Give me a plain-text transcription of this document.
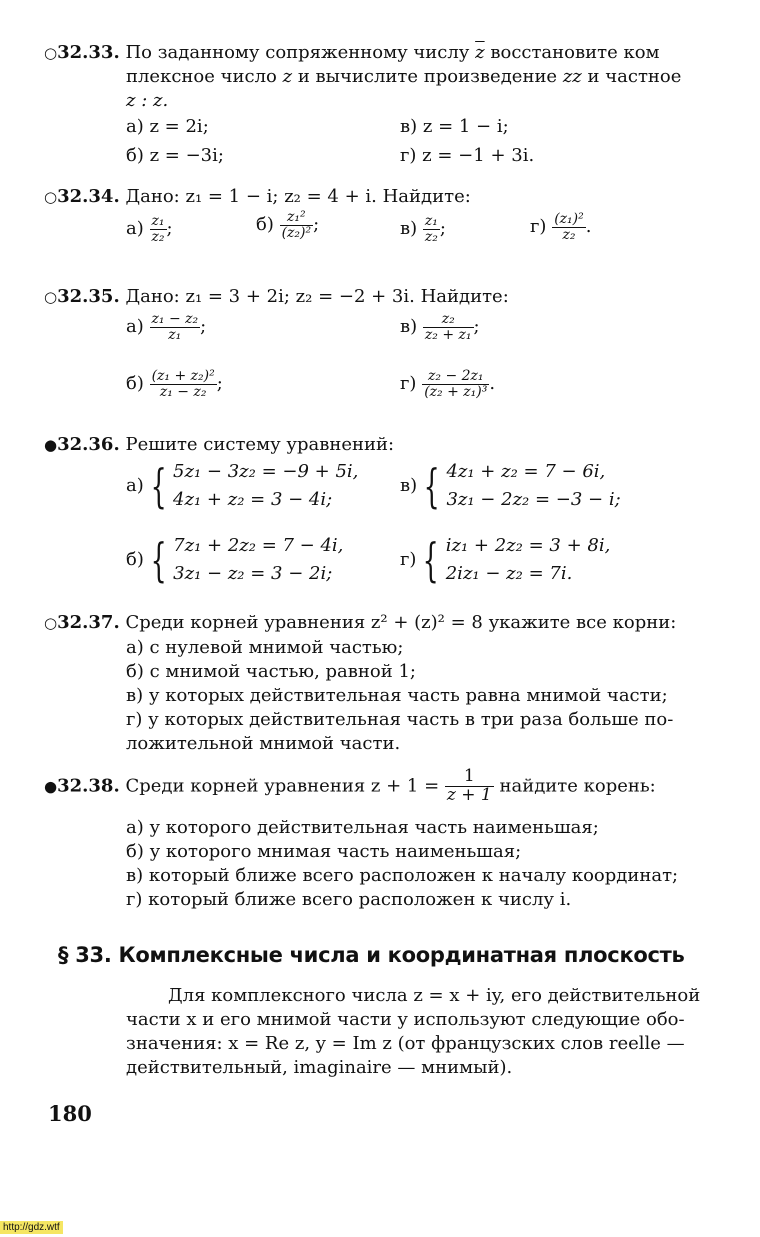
○32.33. По заданному сопряженному числу $\overline{z}$ восстановите ком
плексное число z и вычислите произведение zz и частное
z : z.
а) z = 2i;	в) z = 1 − i;
б) z = −3i;	г) z = −1 + 3i.
○32.34. Дано: z₁ = 1 − i; z₂ = 4 + i. Найдите:
$а) \frac{\text{z₁}}{\text{z₂}}$ ;	$б) \frac{\text{z₁²}}{\text{(z₂)²}}$ ;	$в) \frac{\text{z₁}}{\text{z₂}}$ ;	$г) \frac{\text{(z₁)²}}{\text{z₂}}$ .
○32.35. Дано: z₁ = 3 + 2i; z₂ = −2 + 3i. Найдите:
$а) \frac{\text{z₁ − z₂}}{\text{z₁}}$ ;	$в) \frac{\text{z₂}}{\text{z₂ + z₁}}$ ;
$б) \frac{\text{(z₁ + z₂)²}}{\text{z₁ − z₂}}$ ;	$г) \frac{\text{z₂ − 2z₁}}{\text{(z₂ + z₁)³}}$ .
●32.36. Решите систему уравнений:
а) { 5z₁ − 3z₂ = −9 + 5i,
4z₁ + z₂ = 3 − 4i;
в) { 4z₁ + z₂ = 7 − 6i,
3z₁ − 2z₂ = −3 − i;
б) { 7z₁ + 2z₂ = 7 − 4i,
3z₁ − z₂ = 3 − 2i;
г) { iz₁ + 2z₂ = 3 + 8i,
2iz₁ − z₂ = 7i.
○32.37. Среди корней уравнения z² + (z)² = 8 укажите все корни:
а) с нулевой мнимой частью;
б) с мнимой частью, равной 1;
в) у которых действительная часть равна мнимой части;
г) у которых действительная часть в три раза больше по-
ложительной мнимой части.
●32.38. Среди корней уравнения $z + 1 = \frac{1}{z + 1}$ найдите корень:
а) у которого действительная часть наименьшая;
б) у которого мнимая часть наименьшая;
в) который ближе всего расположен к началу координат;
г) который ближе всего расположен к числу i.
§ 33. Комплексные числа и координатная плоскость
Для комплексного числа z = x + iy, его действительной
части x и его мнимой части y используют следующие обо-
значения: x = Re z, y = Im z (от французских слов reelle —
действительный, imaginaire — мнимый).
180
http://gdz.wtf
